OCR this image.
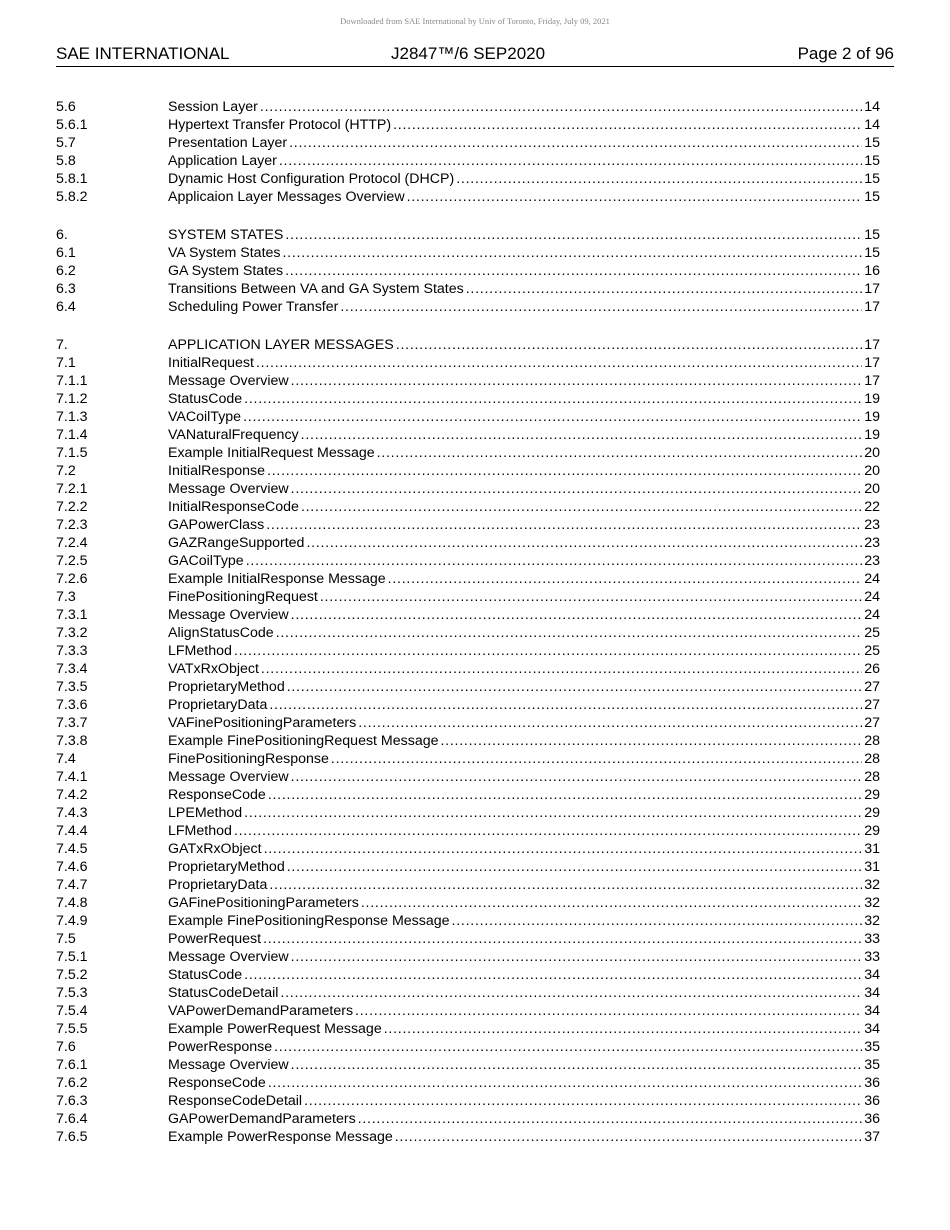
Downloaded from SAE International by Univ of Toronto, Friday, July 09, 2021
SAE INTERNATIONAL	J2847™/6 SEP2020	Page 2 of 96
5.6	Session Layer . . .	14
5.6.1	Hypertext Transfer Protocol (HTTP) . . .	14
5.7	Presentation Layer . . .	15
5.8	Application Layer . . .	15
5.8.1	Dynamic Host Configuration Protocol (DHCP) . . .	15
5.8.2	Applicaion Layer Messages Overview . . .	15
6.	SYSTEM STATES . . .	15
6.1	VA System States . . .	15
6.2	GA System States . . .	16
6.3	Transitions Between VA and GA System States . . .	17
6.4	Scheduling Power Transfer . . .	17
7.	APPLICATION LAYER MESSAGES . . .	17
7.1	InitialRequest . . .	17
7.1.1	Message Overview . . .	17
7.1.2	StatusCode . . .	19
7.1.3	VACoilType . . .	19
7.1.4	VANaturalFrequency . . .	19
7.1.5	Example InitialRequest Message . . .	20
7.2	InitialResponse . . .	20
7.2.1	Message Overview . . .	20
7.2.2	InitialResponseCode . . .	22
7.2.3	GAPowerClass . . .	23
7.2.4	GAZRangeSupported . . .	23
7.2.5	GACoilType . . .	23
7.2.6	Example InitialResponse Message . . .	24
7.3	FinePositioningRequest . . .	24
7.3.1	Message Overview . . .	24
7.3.2	AlignStatusCode . . .	25
7.3.3	LFMethod . . .	25
7.3.4	VATxRxObject . . .	26
7.3.5	ProprietaryMethod . . .	27
7.3.6	ProprietaryData . . .	27
7.3.7	VAFinePositioningParameters . . .	27
7.3.8	Example FinePositioningRequest Message . . .	28
7.4	FinePositioningResponse . . .	28
7.4.1	Message Overview . . .	28
7.4.2	ResponseCode . . .	29
7.4.3	LPEMethod . . .	29
7.4.4	LFMethod . . .	29
7.4.5	GATxRxObject . . .	31
7.4.6	ProprietaryMethod . . .	31
7.4.7	ProprietaryData . . .	32
7.4.8	GAFinePositioningParameters . . .	32
7.4.9	Example FinePositioningResponse Message . . .	32
7.5	PowerRequest . . .	33
7.5.1	Message Overview . . .	33
7.5.2	StatusCode . . .	34
7.5.3	StatusCodeDetail . . .	34
7.5.4	VAPowerDemandParameters . . .	34
7.5.5	Example PowerRequest Message . . .	34
7.6	PowerResponse . . .	35
7.6.1	Message Overview . . .	35
7.6.2	ResponseCode . . .	36
7.6.3	ResponseCodeDetail . . .	36
7.6.4	GAPowerDemandParameters . . .	36
7.6.5	Example PowerResponse Message . . .	37
